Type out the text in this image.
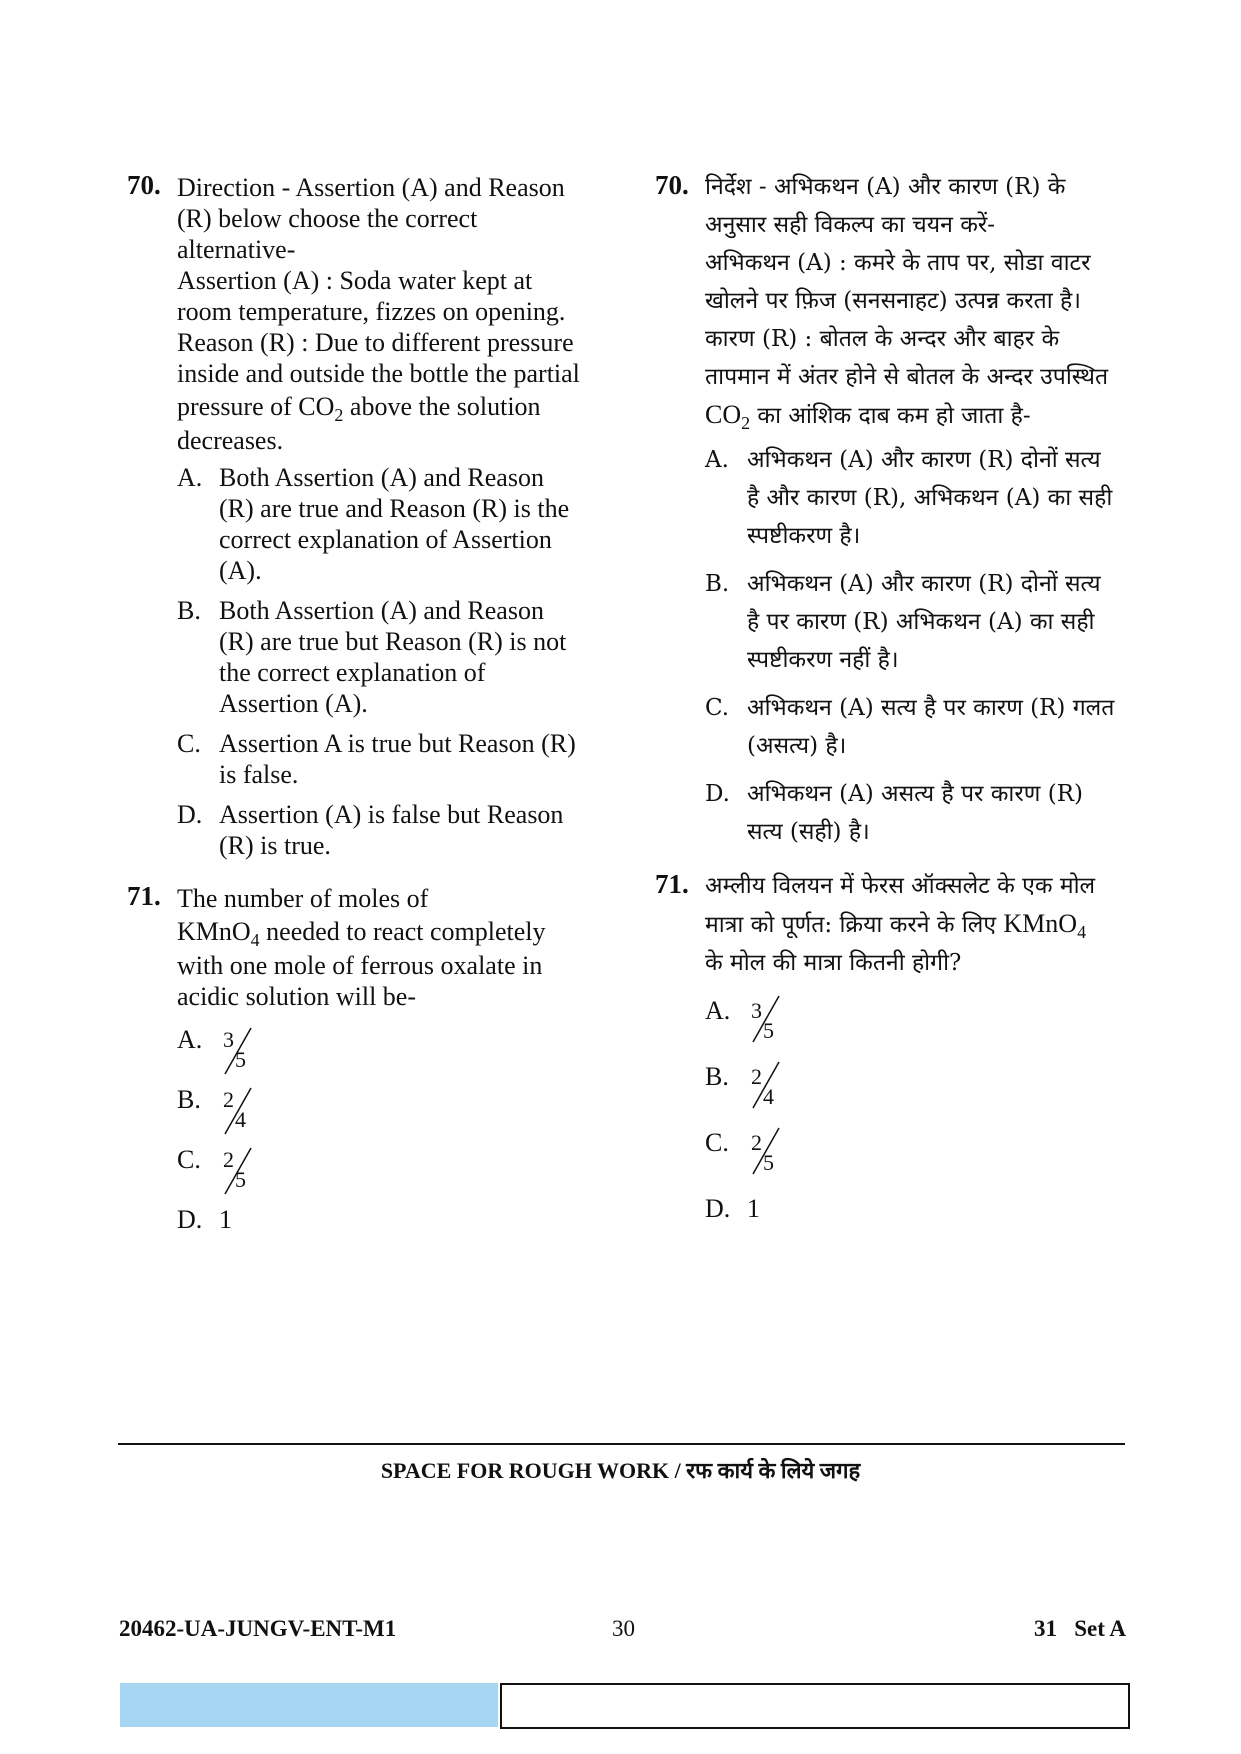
70. Direction - Assertion (A) and Reason
(R) below choose the correct
alternative-
Assertion (A) : Soda water kept at
room temperature, fizzes on opening.
Reason (R) : Due to different pressure
inside and outside the bottle the partial
pressure of $CO_2$ above the solution
decreases.
A. Both Assertion (A) and Reason
(R) are true and Reason (R) is the
correct explanation of Assertion
(A).
B. Both Assertion (A) and Reason
(R) are true but Reason (R) is not
the correct explanation of
Assertion (A).
C. Assertion A is true but Reason (R)
is false.
D. Assertion (A) is false but Reason
(R) is true.
71. The number of moles of
KMnO$_4$ needed to react completely
with one mole of ferrous oxalate in
acidic solution will be-
A. 3
5
B. 2
4
C. 2
5
D. 1
70. निर्देश - अभिकथन (A) और कारण (R) के
अनुसार सही विकल्प का चयन करें-
अभिकथन (A) : कमरे के ताप पर, सोडा वाटर
खोलने पर फ़िज (सनसनाहट) उत्पन्न करता है।
कारण (R) : बोतल के अन्दर और बाहर के
तापमान में अंतर होने से बोतल के अन्दर उपस्थित
$CO_2$ का आंशिक दाब कम हो जाता है-
A. अभिकथन (A) और कारण (R) दोनों सत्य
है और कारण (R), अभिकथन (A) का सही
स्पष्टीकरण है।
B. अभिकथन (A) और कारण (R) दोनों सत्य
है पर कारण (R) अभिकथन (A) का सही
स्पष्टीकरण नहीं है।
C. अभिकथन (A) सत्य है पर कारण (R) गलत
(असत्य) है।
D. अभिकथन (A) असत्य है पर कारण (R)
सत्य (सही) है।
71. अम्लीय विलयन में फेरस ऑक्सलेट के एक मोल
मात्रा को पूर्णत: क्रिया करने के लिए KMnO$_4$
के मोल की मात्रा कितनी होगी?
A. 3
5
B. 2
4
C. 2
5
D. 1
SPACE FOR ROUGH WORK / रफ कार्य के लिये जगह
20462-UA-JUNGV-ENT-M1	30	31   Set A
